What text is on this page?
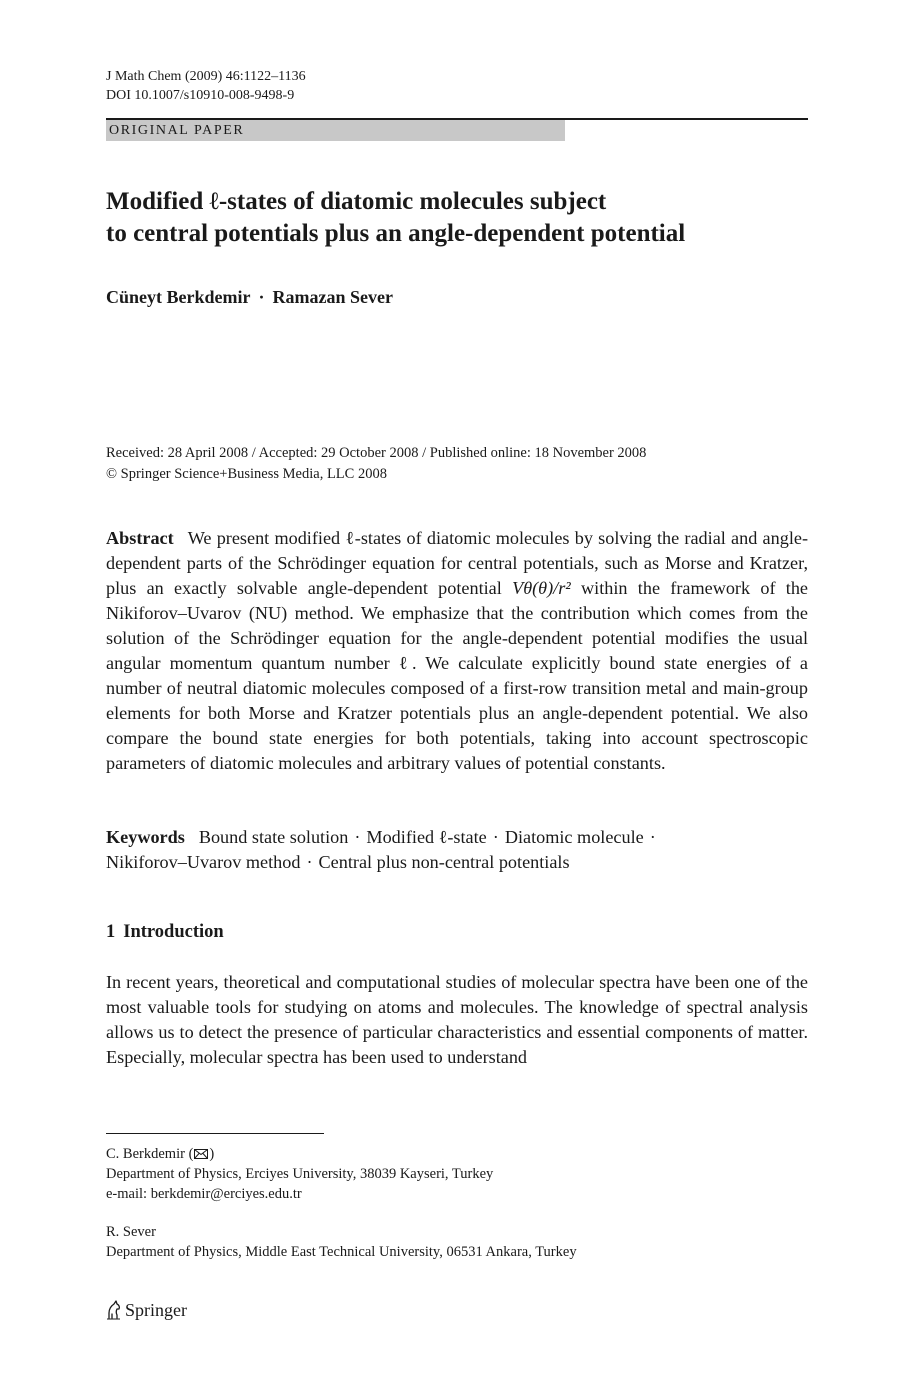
J Math Chem (2009) 46:1122–1136
DOI 10.1007/s10910-008-9498-9
ORIGINAL PAPER
Modified ℓ-states of diatomic molecules subject
to central potentials plus an angle-dependent potential
Cüneyt Berkdemir · Ramazan Sever
Received: 28 April 2008 / Accepted: 29 October 2008 / Published online: 18 November 2008
© Springer Science+Business Media, LLC 2008

Abstract We present modified ℓ-states of diatomic molecules by solving the radial and angle-dependent parts of the Schrödinger equation for central potentials, such as Morse and Kratzer, plus an exactly solvable angle-dependent potential Vθ(θ)/r² within the framework of the Nikiforov–Uvarov (NU) method. We emphasize that the contribution which comes from the solution of the Schrödinger equation for the angle-dependent potential modifies the usual angular momentum quantum number ℓ. We calculate explicitly bound state energies of a number of neutral diatomic molecules composed of a first-row transition metal and main-group elements for both Morse and Kratzer potentials plus an angle-dependent potential. We also compare the bound state energies for both potentials, taking into account spectroscopic parameters of diatomic molecules and arbitrary values of potential constants.

Keywords Bound state solution · Modified ℓ-state · Diatomic molecule ·
Nikiforov–Uvarov method · Central plus non-central potentials

1 Introduction

In recent years, theoretical and computational studies of molecular spectra have been one of the most valuable tools for studying on atoms and molecules. The knowledge of spectral analysis allows us to detect the presence of particular characteristics and essential components of matter. Especially, molecular spectra has been used to understand

C. Berkdemir ( )
Department of Physics, Erciyes University, 38039 Kayseri, Turkey
e-mail: berkdemir@erciyes.edu.tr
R. Sever
Department of Physics, Middle East Technical University, 06531 Ankara, Turkey
Springer
